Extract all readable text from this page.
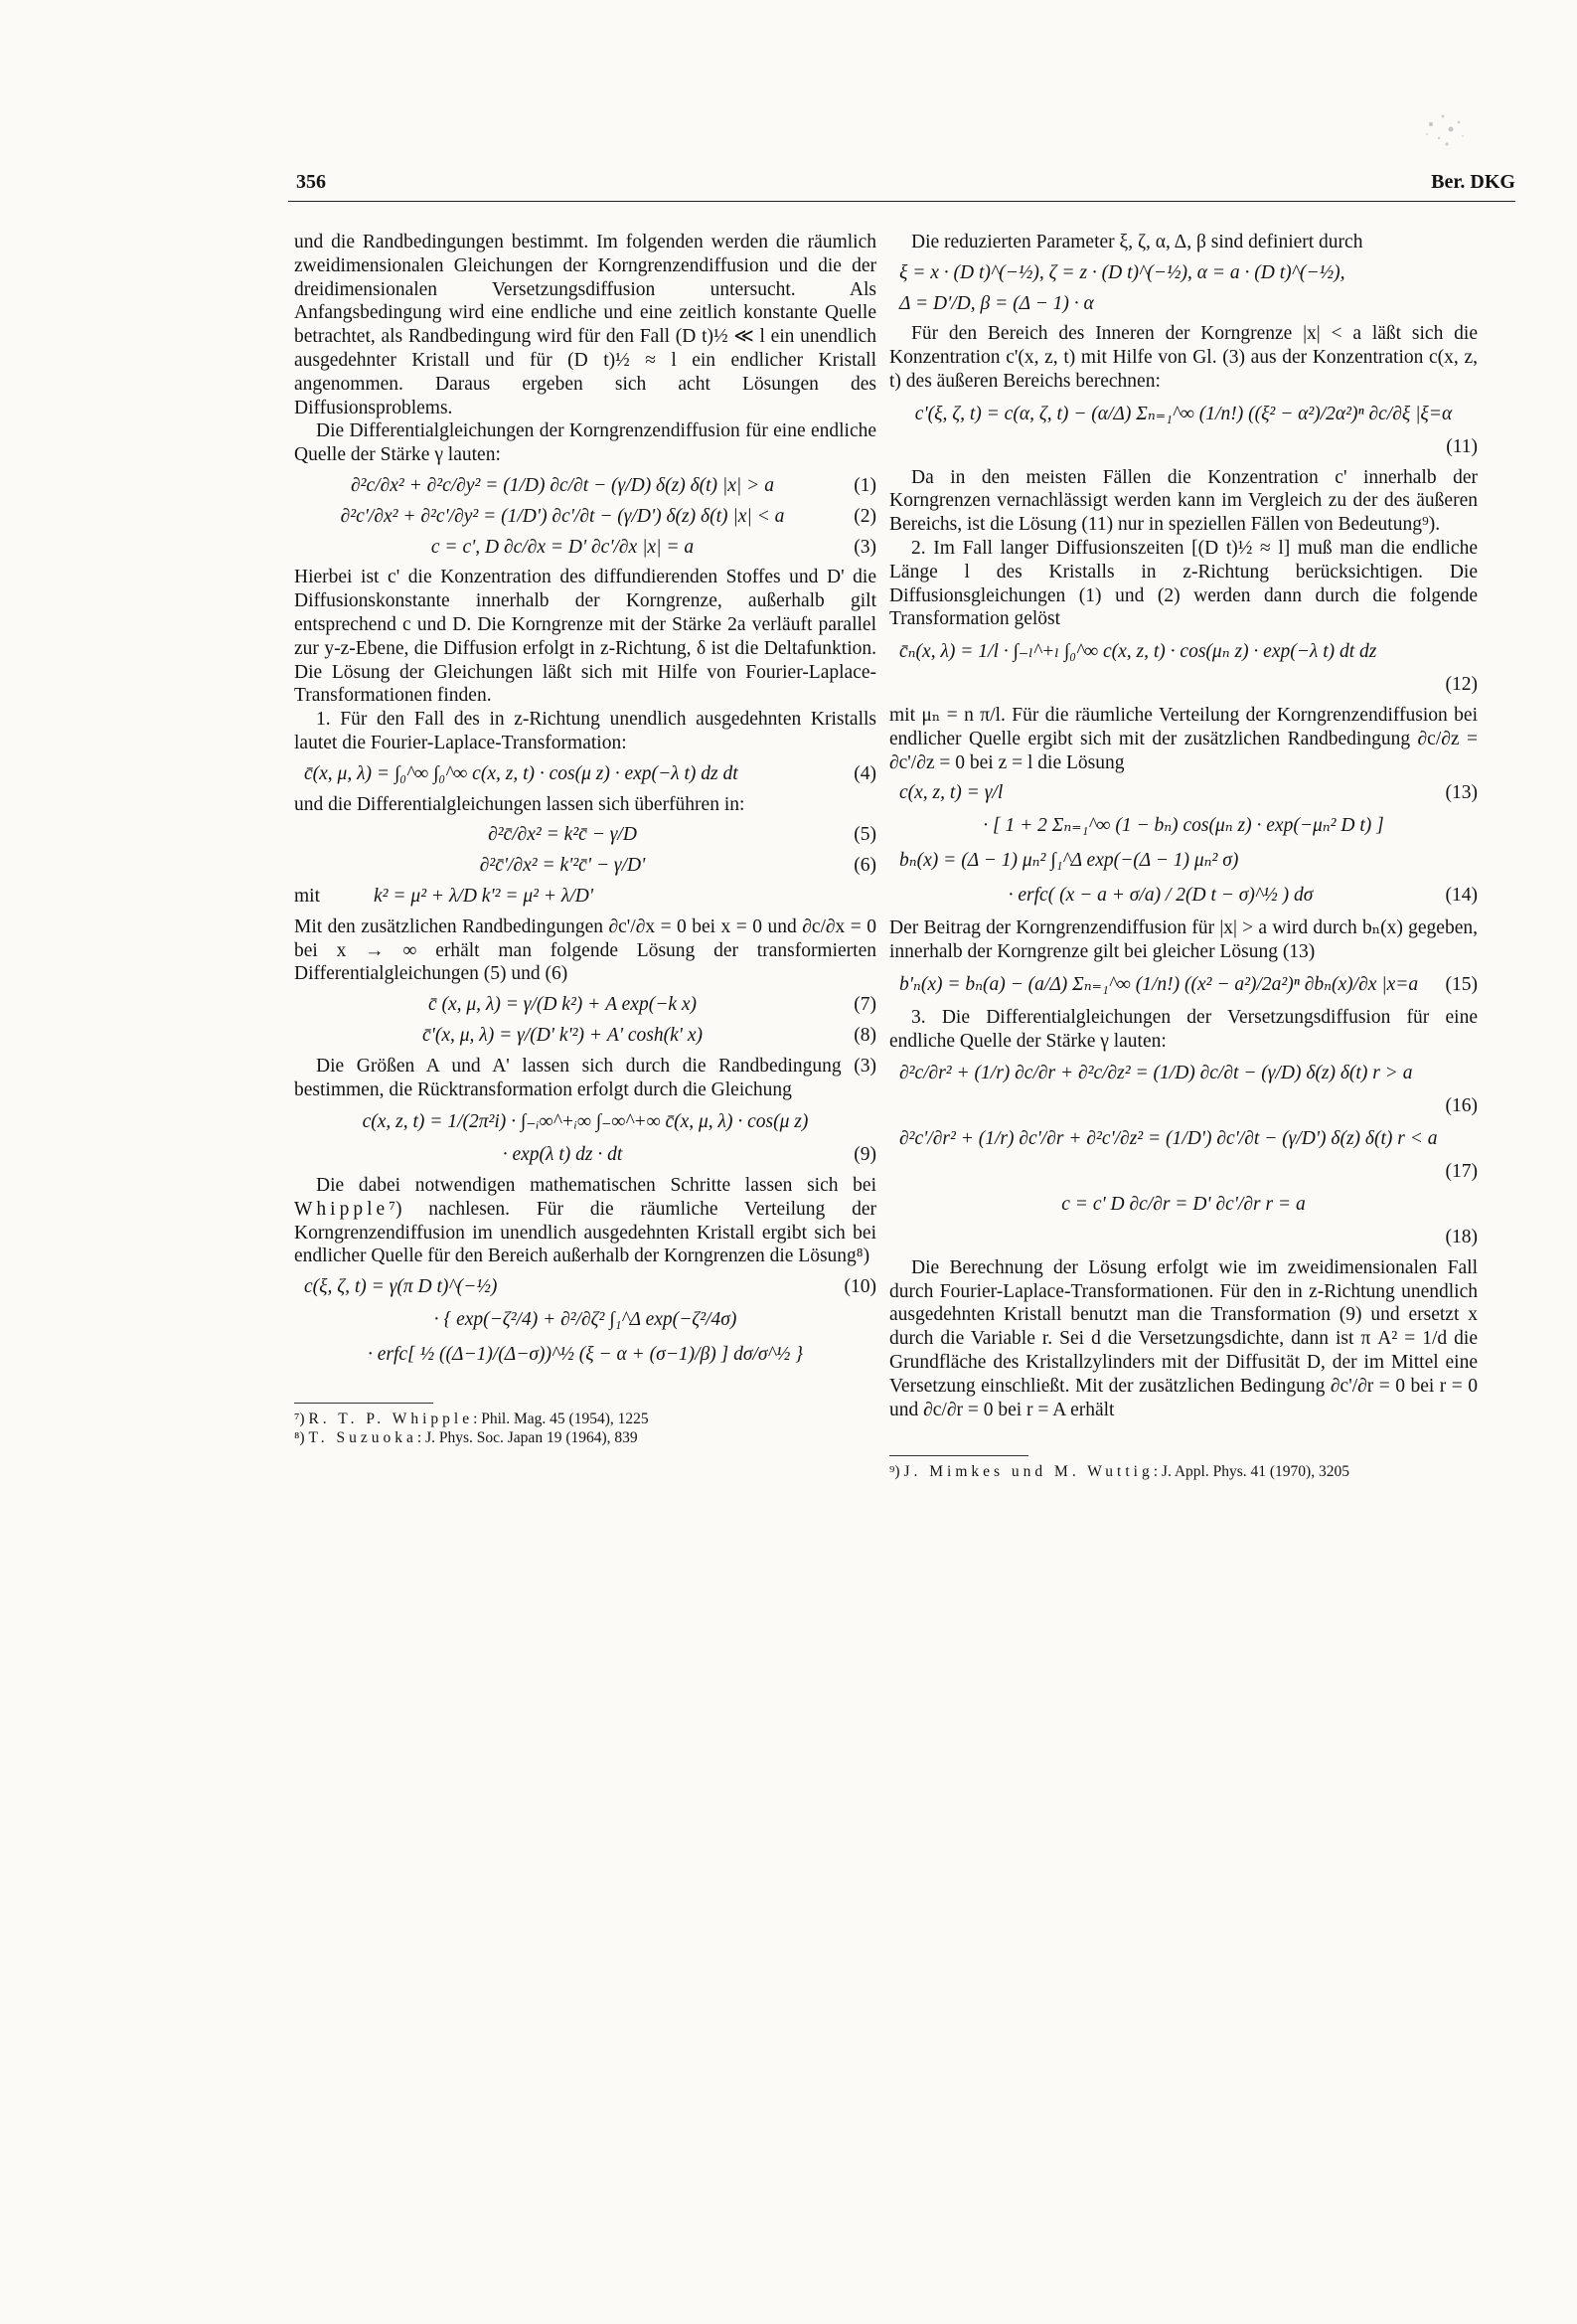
356	Ber. DKG

und die Randbedingungen bestimmt. Im folgenden werden die räumlich zweidimensionalen Gleichungen der Korngrenzendiffusion und die der dreidimensionalen Versetzungsdiffusion untersucht. Als Anfangsbedingung wird eine endliche und eine zeitlich konstante Quelle betrachtet, als Randbedingung wird für den Fall (D t)½ ≪ l ein unendlich ausgedehnter Kristall und für (D t)½ ≈ l ein endlicher Kristall angenommen. Daraus ergeben sich acht Lösungen des Diffusionsproblems.

Die Differentialgleichungen der Korngrenzendiffusion für eine endliche Quelle der Stärke γ lauten:

∂²c/∂x² + ∂²c/∂y² = (1/D) ∂c/∂t − (γ/D) δ(z) δ(t) |x| > a	(1)
∂²c'/∂x² + ∂²c'/∂y² = (1/D') ∂c'/∂t − (γ/D') δ(z) δ(t) |x| < a	(2)
c = c', D ∂c/∂x = D' ∂c'/∂x |x| = a	(3)

Hierbei ist c' die Konzentration des diffundierenden Stoffes und D' die Diffusionskonstante innerhalb der Korngrenze, außerhalb gilt entsprechend c und D. Die Korngrenze mit der Stärke 2a verläuft parallel zur y-z-Ebene, die Diffusion erfolgt in z-Richtung, δ ist die Deltafunktion. Die Lösung der Gleichungen läßt sich mit Hilfe von Fourier-Laplace-Transformationen finden.

1. Für den Fall des in z-Richtung unendlich ausgedehnten Kristalls lautet die Fourier-Laplace-Transformation:

c̄(x, μ, λ) = ∫₀^∞ ∫₀^∞ c(x, z, t) · cos(μ z) · exp(−λ t) dz dt	(4)

und die Differentialgleichungen lassen sich überführen in:

∂²c̄/∂x² = k²c̄ − γ/D	(5)
∂²c̄'/∂x² = k'²c̄' − γ/D'	(6)
mit	k² = μ² + λ/D k'² = μ² + λ/D'

Mit den zusätzlichen Randbedingungen ∂c'/∂x = 0 bei x = 0 und ∂c/∂x = 0 bei x → ∞ erhält man folgende Lösung der transformierten Differentialgleichungen (5) und (6)

c̄ (x, μ, λ) = γ/(D k²) + A exp(−k x)	(7)
c̄'(x, μ, λ) = γ/(D' k'²) + A' cosh(k' x)	(8)

Die Größen A und A' lassen sich durch die Randbedingung (3) bestimmen, die Rücktransformation erfolgt durch die Gleichung

c(x, z, t) = 1/(2π²i) · ∫₋ᵢ∞^+ᵢ∞ ∫₋∞^+∞ c̄(x, μ, λ) · cos(μ z)
· exp(λ t) dz · dt	(9)

Die dabei notwendigen mathematischen Schritte lassen sich bei Whipple⁷) nachlesen. Für die räumliche Verteilung der Korngrenzendiffusion im unendlich ausgedehnten Kristall ergibt sich bei endlicher Quelle für den Bereich außerhalb der Korngrenzen die Lösung⁸)

c(ξ, ζ, t) = γ(π D t)^(−½)	(10)
· { exp(−ζ²/4) + ∂²/∂ζ² ∫₁^Δ exp(−ζ²/4σ)
· erfc[ ½ ((Δ−1)/(Δ−σ))^½ (ξ − α + (σ−1)/β) ] dσ/σ^½ }

⁷) R. T. P. Whipple: Phil. Mag. 45 (1954), 1225

⁸) T. Suzuoka: J. Phys. Soc. Japan 19 (1964), 839

Die reduzierten Parameter ξ, ζ, α, Δ, β sind definiert durch

ξ = x · (D t)^(−½), ζ = z · (D t)^(−½), α = a · (D t)^(−½),
Δ = D'/D, β = (Δ − 1) · α

Für den Bereich des Inneren der Korngrenze |x| < a läßt sich die Konzentration c'(x, z, t) mit Hilfe von Gl. (3) aus der Konzentration c(x, z, t) des äußeren Bereichs berechnen:

c'(ξ, ζ, t) = c(α, ζ, t) − (α/Δ) Σₙ₌₁^∞ (1/n!) ((ξ² − α²)/2α²)ⁿ ∂c/∂ξ |ξ=α
(11)

Da in den meisten Fällen die Konzentration c' innerhalb der Korngrenzen vernachlässigt werden kann im Vergleich zu der des äußeren Bereichs, ist die Lösung (11) nur in speziellen Fällen von Bedeutung⁹).

2. Im Fall langer Diffusionszeiten [(D t)½ ≈ l] muß man die endliche Länge l des Kristalls in z-Richtung berücksichtigen. Die Diffusionsgleichungen (1) und (2) werden dann durch die folgende Transformation gelöst

c̄ₙ(x, λ) = 1/l · ∫₋ₗ^+ₗ ∫₀^∞ c(x, z, t) · cos(μₙ z) · exp(−λ t) dt dz
(12)

mit μₙ = n π/l. Für die räumliche Verteilung der Korngrenzendiffusion bei endlicher Quelle ergibt sich mit der zusätzlichen Randbedingung ∂c/∂z = ∂c'/∂z = 0 bei z = l die Lösung

c(x, z, t) = γ/l	(13)
· [ 1 + 2 Σₙ₌₁^∞ (1 − bₙ) cos(μₙ z) · exp(−μₙ² D t) ]
bₙ(x) = (Δ − 1) μₙ² ∫₁^Δ exp(−(Δ − 1) μₙ² σ)
· erfc( (x − a + σ/a) / 2(D t − σ)^½ ) dσ	(14)

Der Beitrag der Korngrenzendiffusion für |x| > a wird durch bₙ(x) gegeben, innerhalb der Korngrenze gilt bei gleicher Lösung (13)

b'ₙ(x) = bₙ(a) − (a/Δ) Σₙ₌₁^∞ (1/n!) ((x² − a²)/2a²)ⁿ ∂bₙ(x)/∂x |x=a	(15)

3. Die Differentialgleichungen der Versetzungsdiffusion für eine endliche Quelle der Stärke γ lauten:

∂²c/∂r² + (1/r) ∂c/∂r + ∂²c/∂z² = (1/D) ∂c/∂t − (γ/D) δ(z) δ(t) r > a
(16)
∂²c'/∂r² + (1/r) ∂c'/∂r + ∂²c'/∂z² = (1/D') ∂c'/∂t − (γ/D') δ(z) δ(t) r < a
(17)
c = c' D ∂c/∂r = D' ∂c'/∂r r = a
(18)

Die Berechnung der Lösung erfolgt wie im zweidimensionalen Fall durch Fourier-Laplace-Transformationen. Für den in z-Richtung unendlich ausgedehnten Kristall benutzt man die Transformation (9) und ersetzt x durch die Variable r. Sei d die Versetzungsdichte, dann ist π A² = 1/d die Grundfläche des Kristallzylinders mit der Diffusität D, der im Mittel eine Versetzung einschließt. Mit der zusätzlichen Bedingung ∂c'/∂r = 0 bei r = 0 und ∂c/∂r = 0 bei r = A erhält

⁹) J. Mimkes und M. Wuttig: J. Appl. Phys. 41 (1970), 3205
